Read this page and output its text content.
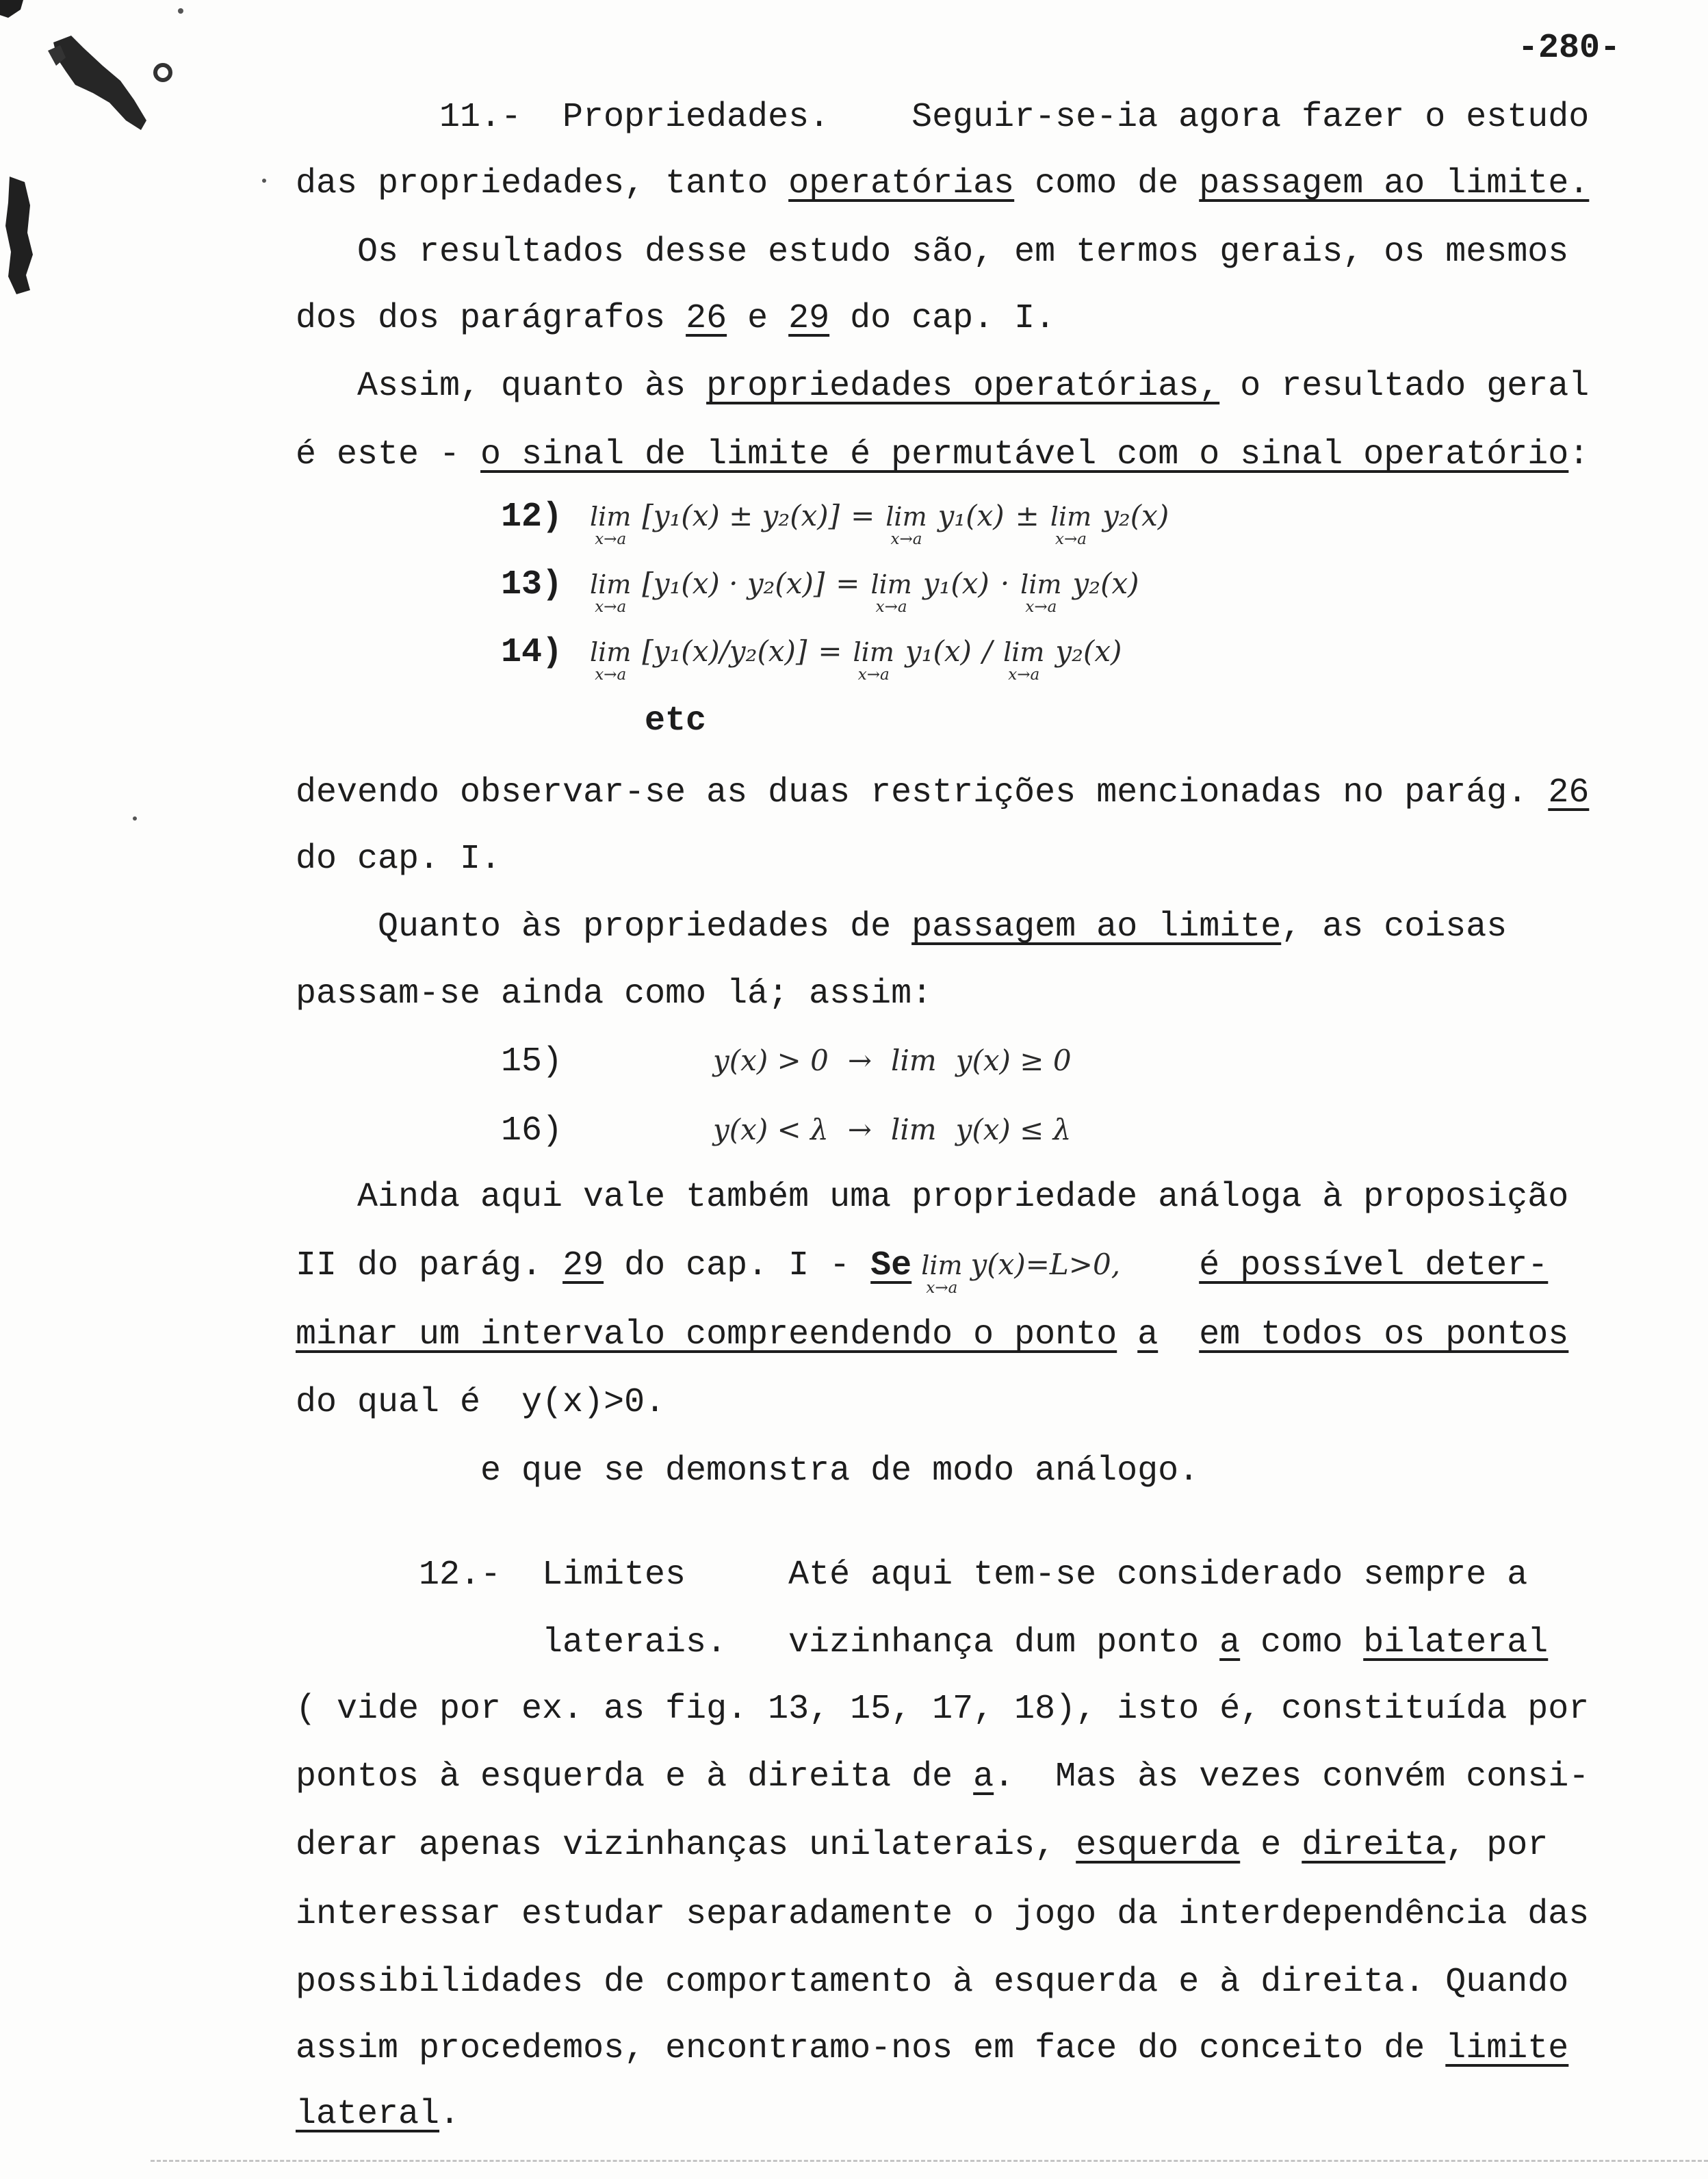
-280-
11.-	Propriedades.	Seguir-se-ia agora fazer o estudo
das propriedades, tanto operatórias como de passagem ao limite.
Os resultados desse estudo são, em termos gerais, os mesmos
dos dos parágrafos 26 e 29 do cap. I.
Assim, quanto às propriedades operatórias, o resultado geral
é este - o sinal de limite é permutável com o sinal operatório :
12) lim
x→a
[y₁(x) ± y₂(x)] = lim
x→a
y₁(x) ± lim
x→a
y₂(x)
13) lim
x→a
[y₁(x) · y₂(x)] = lim
x→a
y₁(x) · lim
x→a
y₂(x)
14) lim
x→a
[y₁(x)/y₂(x)] = lim
x→a
y₁(x) / lim
x→a
y₂(x)
etc
devendo observar-se as duas restrições mencionadas no parág. 26
do cap. I.
Quanto às propriedades de passagem ao limite , as coisas
passam-se ainda como lá; assim:
15)	y(x) > 0 → lim y(x) ≥ 0
16)	y(x) < λ → lim y(x) ≤ λ
Ainda aqui vale também uma propriedade análoga à proposição
II do parág. 29 do cap. I - Se lim
x→a
y(x)=L>0, é possível deter-
minar um intervalo compreendendo o ponto a em todos os pontos
do qual é y(x)>0.
e que se demonstra de modo análogo.
12.-	Limites	Até aqui tem-se considerado sempre a
laterais.	vizinhança dum ponto a como bilateral
( vide por ex. as fig. 13, 15, 17, 18), isto é, constituída por
pontos à esquerda e à direita de a .  Mas às vezes convém consi-
derar apenas vizinhanças unilaterais, esquerda e direita , por
interessar estudar separadamente o jogo da interdependência das
possibilidades de comportamento à esquerda e à direita. Quando
assim procedemos, encontramo-nos em face do conceito de limite
lateral .
